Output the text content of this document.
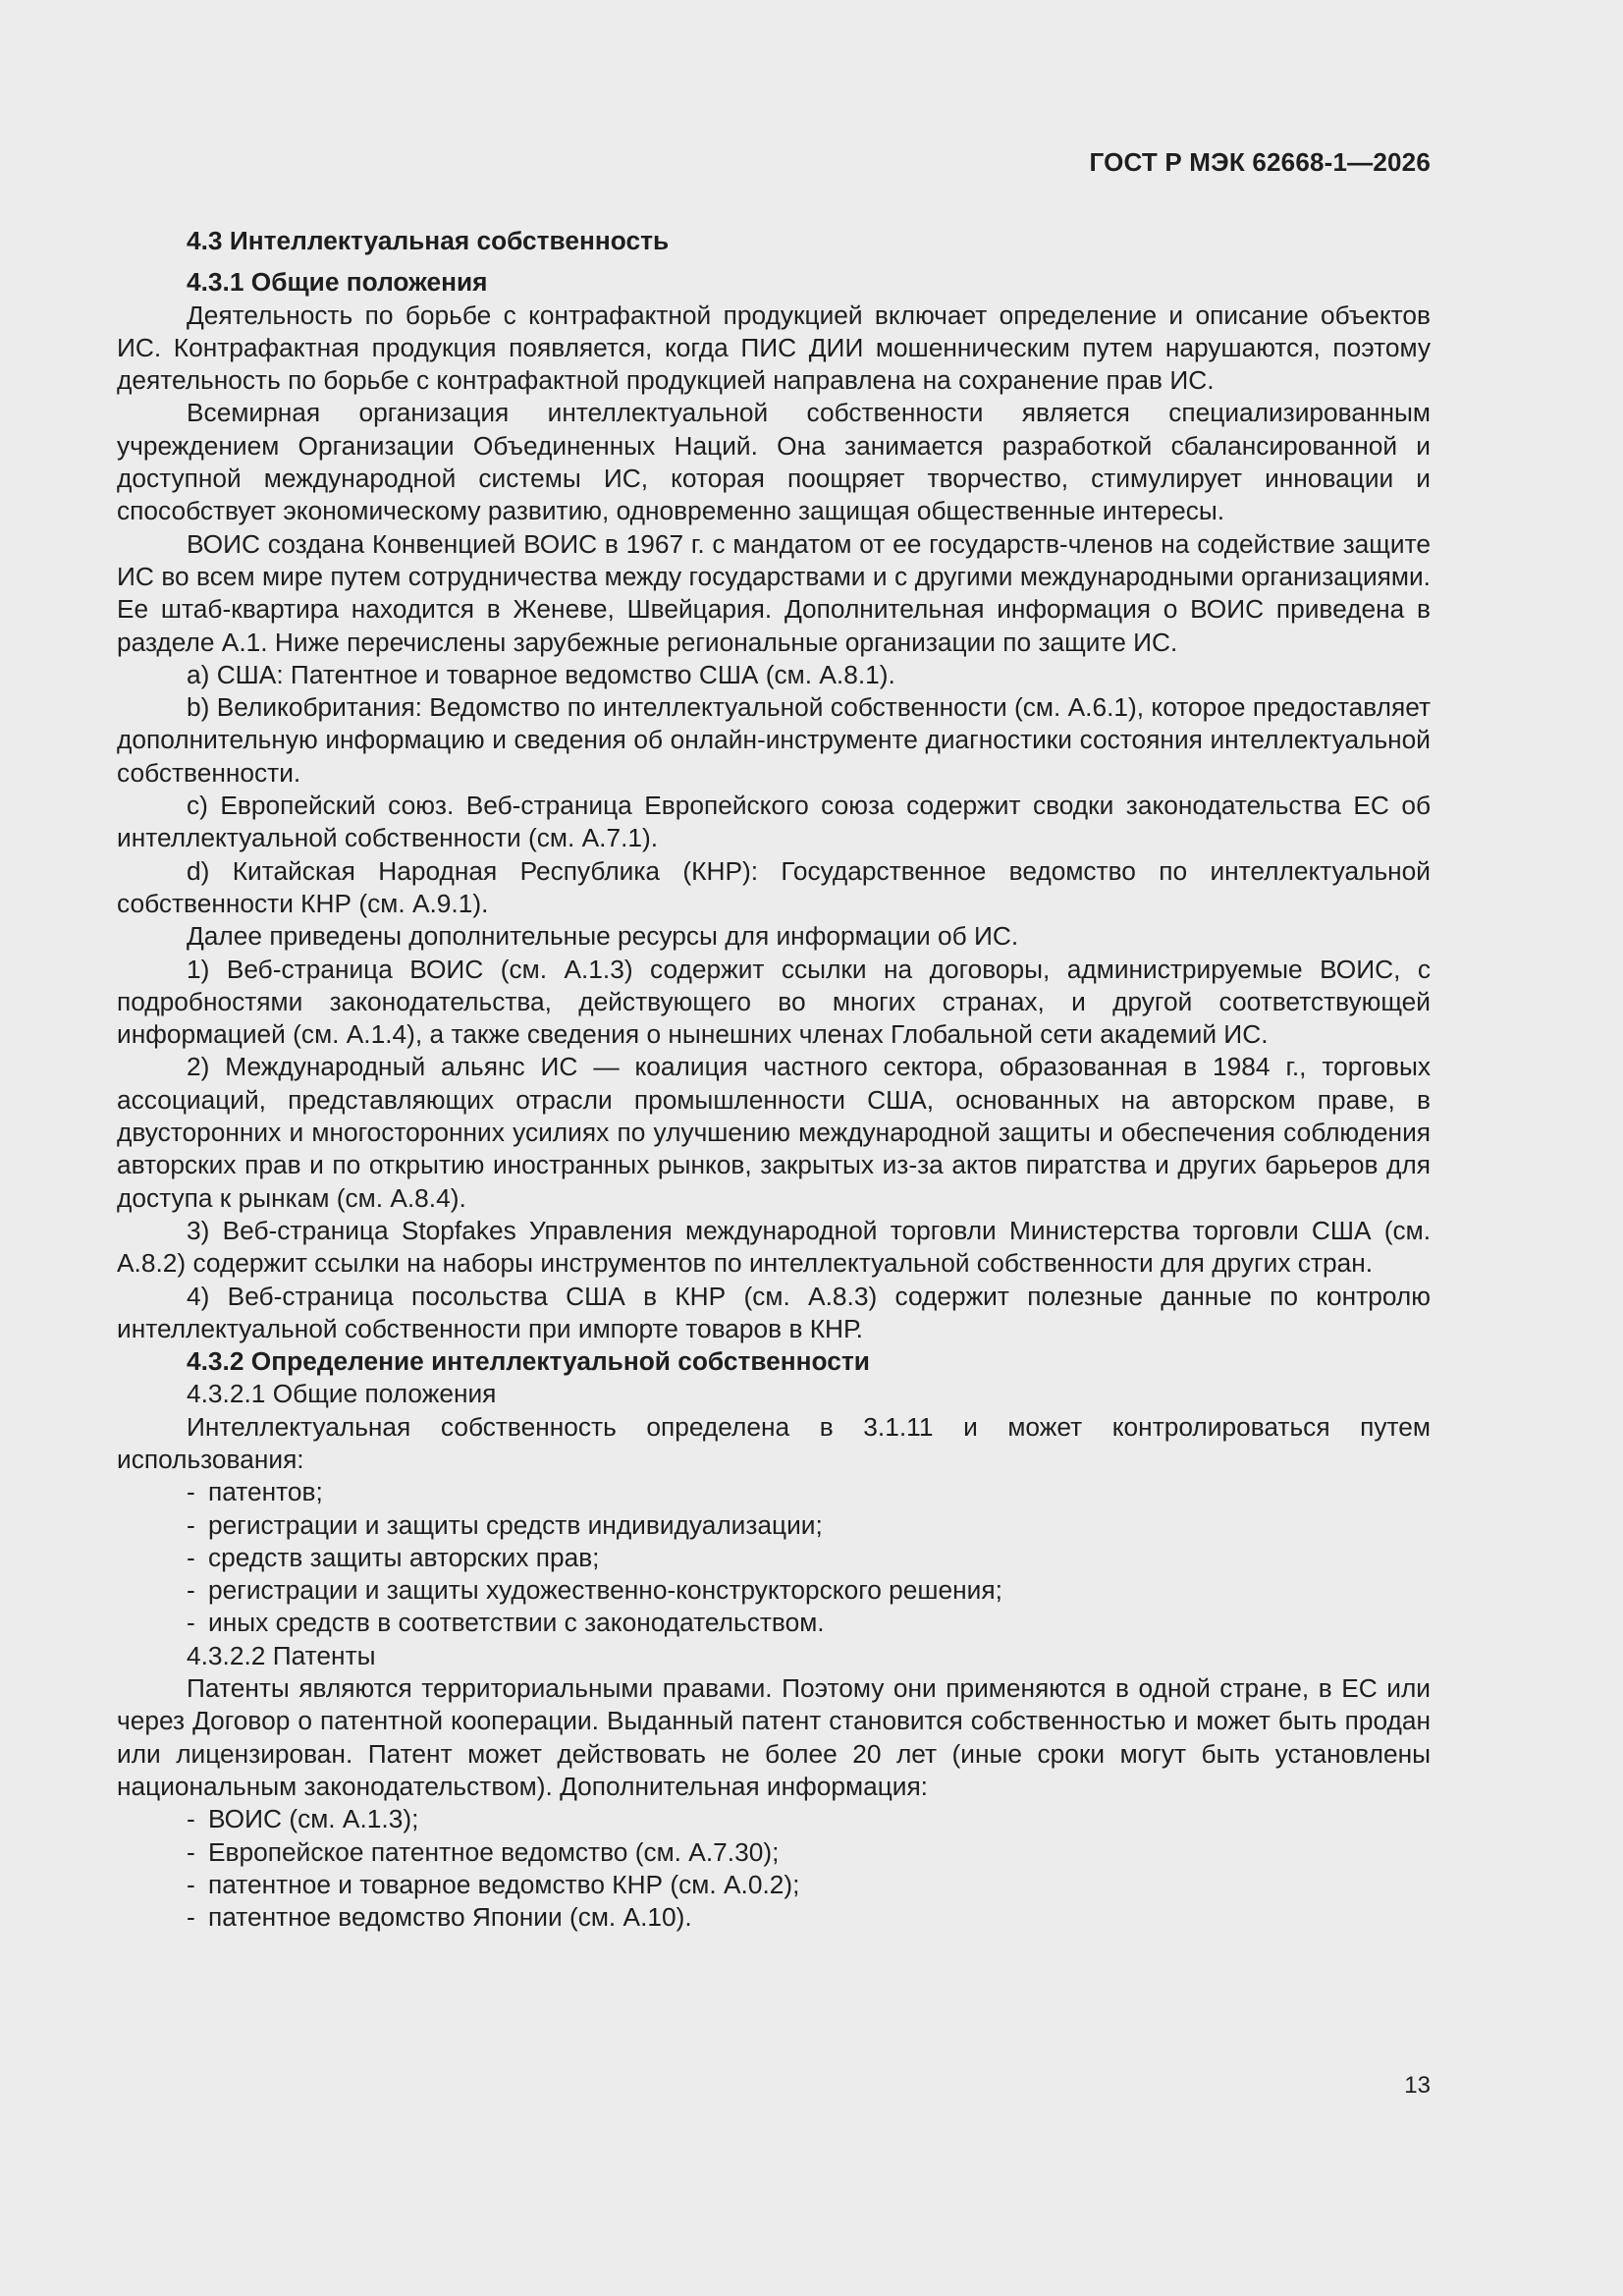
ГОСТ Р МЭК 62668-1—2026
4.3 Интеллектуальная собственность
4.3.1 Общие положения

Деятельность по борьбе с контрафактной продукцией включает определение и описание объектов ИС. Контрафактная продукция появляется, когда ПИС ДИИ мошенническим путем нарушаются, поэтому деятельность по борьбе с контрафактной продукцией направлена на сохранение прав ИС.

Всемирная организация интеллектуальной собственности является специализированным учреждением Организации Объединенных Наций. Она занимается разработкой сбалансированной и доступной международной системы ИС, которая поощряет творчество, стимулирует инновации и способствует экономическому развитию, одновременно защищая общественные интересы.

ВОИС создана Конвенцией ВОИС в 1967 г. с мандатом от ее государств-членов на содействие защите ИС во всем мире путем сотрудничества между государствами и с другими международными организациями. Ее штаб-квартира находится в Женеве, Швейцария. Дополнительная информация о ВОИС приведена в разделе А.1. Ниже перечислены зарубежные региональные организации по защите ИС.

a) США: Патентное и товарное ведомство США (см. А.8.1).

b) Великобритания: Ведомство по интеллектуальной собственности (см. А.6.1), которое предоставляет дополнительную информацию и сведения об онлайн-инструменте диагностики состояния интеллектуальной собственности.

c) Европейский союз. Веб-страница Европейского союза содержит сводки законодательства ЕС об интеллектуальной собственности (см. А.7.1).

d) Китайская Народная Республика (КНР): Государственное ведомство по интеллектуальной собственности КНР (см. А.9.1).

Далее приведены дополнительные ресурсы для информации об ИС.

1) Веб-страница ВОИС (см. А.1.3) содержит ссылки на договоры, администрируемые ВОИС, с подробностями законодательства, действующего во многих странах, и другой соответствующей информацией (см. А.1.4), а также сведения о нынешних членах Глобальной сети академий ИС.

2) Международный альянс ИС — коалиция частного сектора, образованная в 1984 г., торговых ассоциаций, представляющих отрасли промышленности США, основанных на авторском праве, в двусторонних и многосторонних усилиях по улучшению международной защиты и обеспечения соблюдения авторских прав и по открытию иностранных рынков, закрытых из-за актов пиратства и других барьеров для доступа к рынкам (см. А.8.4).

3) Веб-страница Stopfakes Управления международной торговли Министерства торговли США (см. А.8.2) содержит ссылки на наборы инструментов по интеллектуальной собственности для других стран.

4) Веб-страница посольства США в КНР (см. А.8.3) содержит полезные данные по контролю интеллектуальной собственности при импорте товаров в КНР.

4.3.2 Определение интеллектуальной собственности
4.3.2.1 Общие положения

Интеллектуальная собственность определена в 3.1.11 и может контролироваться путем использования:

- патентов;
- регистрации и защиты средств индивидуализации;
- средств защиты авторских прав;
- регистрации и защиты художественно-конструкторского решения;
- иных средств в соответствии с законодательством.
4.3.2.2 Патенты

Патенты являются территориальными правами. Поэтому они применяются в одной стране, в ЕС или через Договор о патентной кооперации. Выданный патент становится собственностью и может быть продан или лицензирован. Патент может действовать не более 20 лет (иные сроки могут быть установлены национальным законодательством). Дополнительная информация:

- ВОИС (см. А.1.3);
- Европейское патентное ведомство (см. А.7.30);
- патентное и товарное ведомство КНР (см. А.0.2);
- патентное ведомство Японии (см. А.10).
13
